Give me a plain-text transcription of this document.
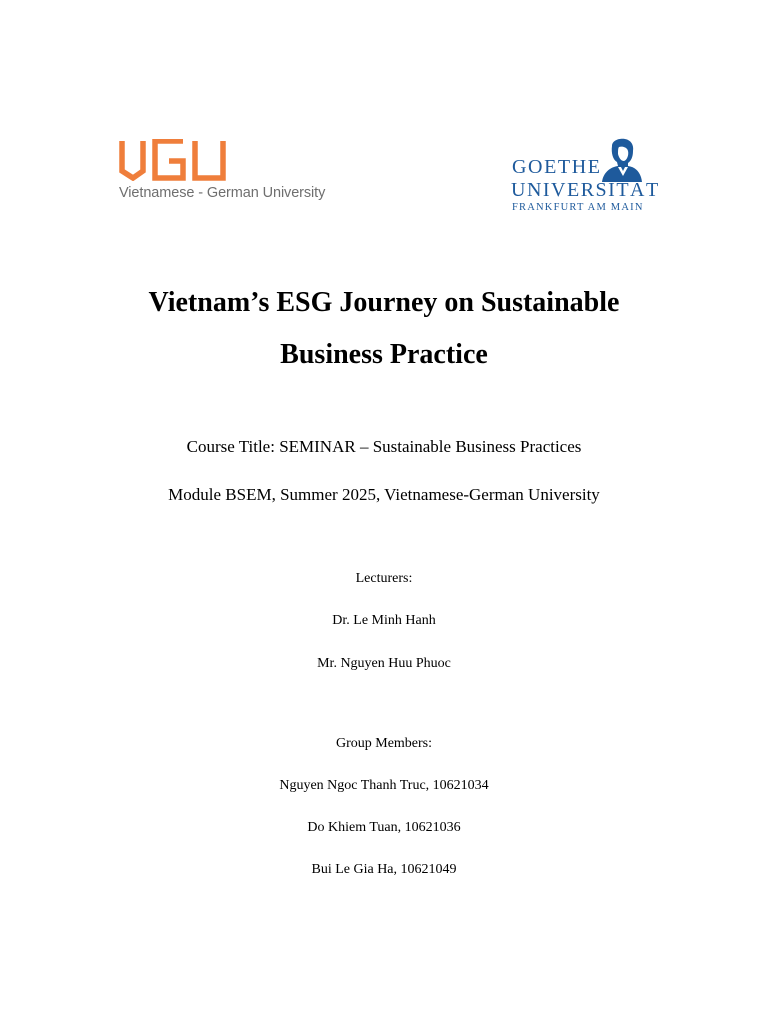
Vietnamese - German University
GOETHE
UNIVERSITÄT
FRANKFURT AM MAIN
Vietnam’s ESG Journey on Sustainable
Business Practice
Course Title: SEMINAR – Sustainable Business Practices
Module BSEM, Summer 2025, Vietnamese-German University
Lecturers:
Dr. Le Minh Hanh
Mr. Nguyen Huu Phuoc
Group Members:
Nguyen Ngoc Thanh Truc, 10621034
Do Khiem Tuan, 10621036
Bui Le Gia Ha, 10621049
